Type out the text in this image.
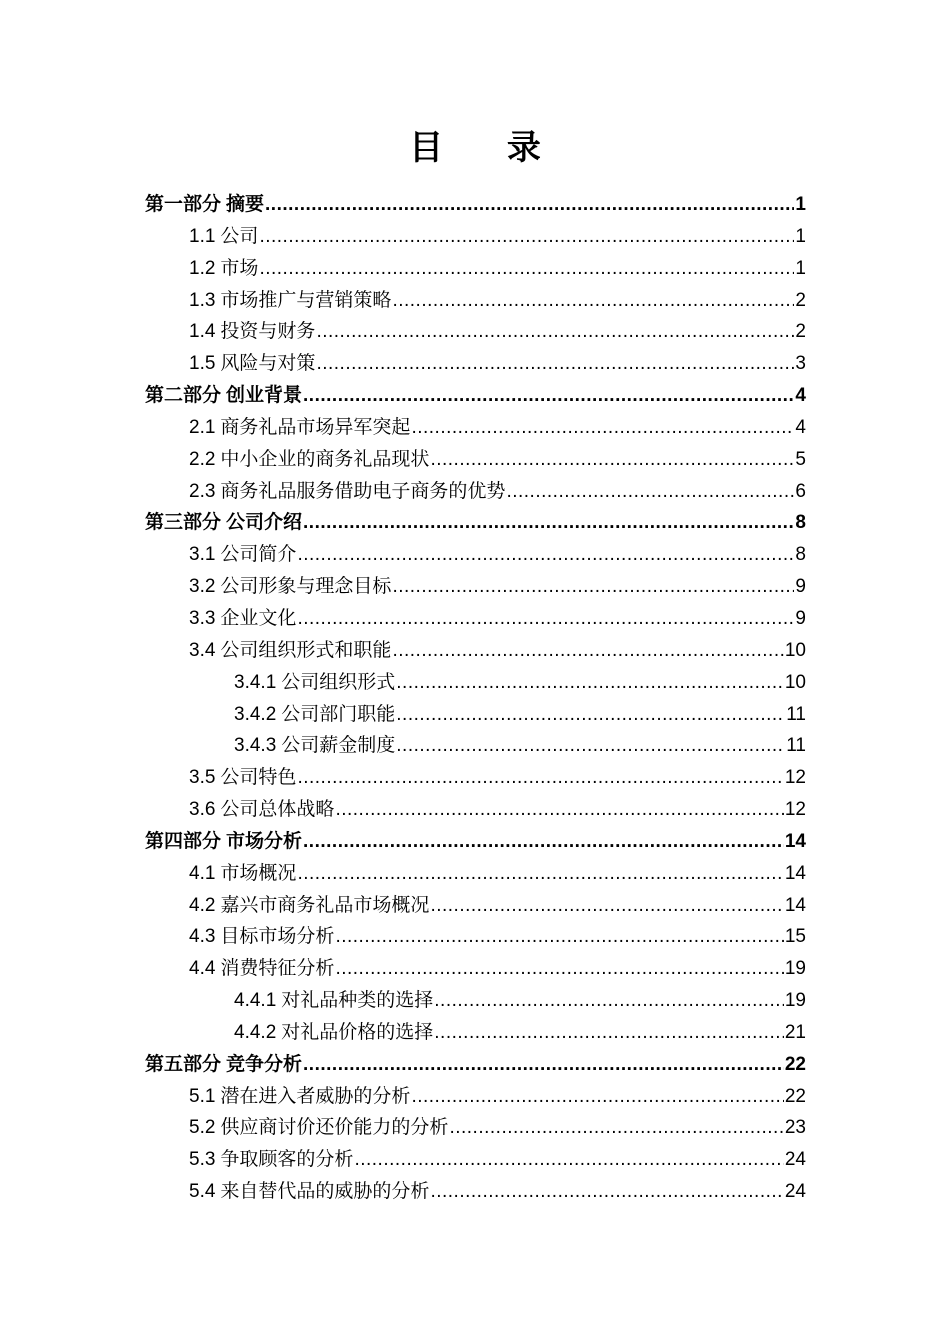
目 录
第一部分 摘要 .....	1
1.1 公司 .....	1
1.2 市场 .....	1
1.3 市场推广与营销策略 .....	2
1.4 投资与财务 .....	2
1.5 风险与对策 .....	3
第二部分 创业背景 .....	4
2.1 商务礼品市场异军突起 .....	4
2.2 中小企业的商务礼品现状 .....	5
2.3 商务礼品服务借助电子商务的优势 .....	6
第三部分 公司介绍 .....	8
3.1 公司简介 .....	8
3.2 公司形象与理念目标 .....	9
3.3 企业文化 .....	9
3.4 公司组织形式和职能 .....	10
3.4.1 公司组织形式 .....	10
3.4.2 公司部门职能 .....	11
3.4.3 公司薪金制度 .....	11
3.5 公司特色 .....	12
3.6 公司总体战略 .....	12
第四部分 市场分析 .....	14
4.1 市场概况 .....	14
4.2 嘉兴市商务礼品市场概况 .....	14
4.3 目标市场分析 .....	15
4.4 消费特征分析 .....	19
4.4.1 对礼品种类的选择 .....	19
4.4.2 对礼品价格的选择 .....	21
第五部分 竞争分析 .....	22
5.1 潜在进入者威胁的分析 .....	22
5.2 供应商讨价还价能力的分析 .....	23
5.3 争取顾客的分析 .....	24
5.4 来自替代品的威胁的分析 .....	24
